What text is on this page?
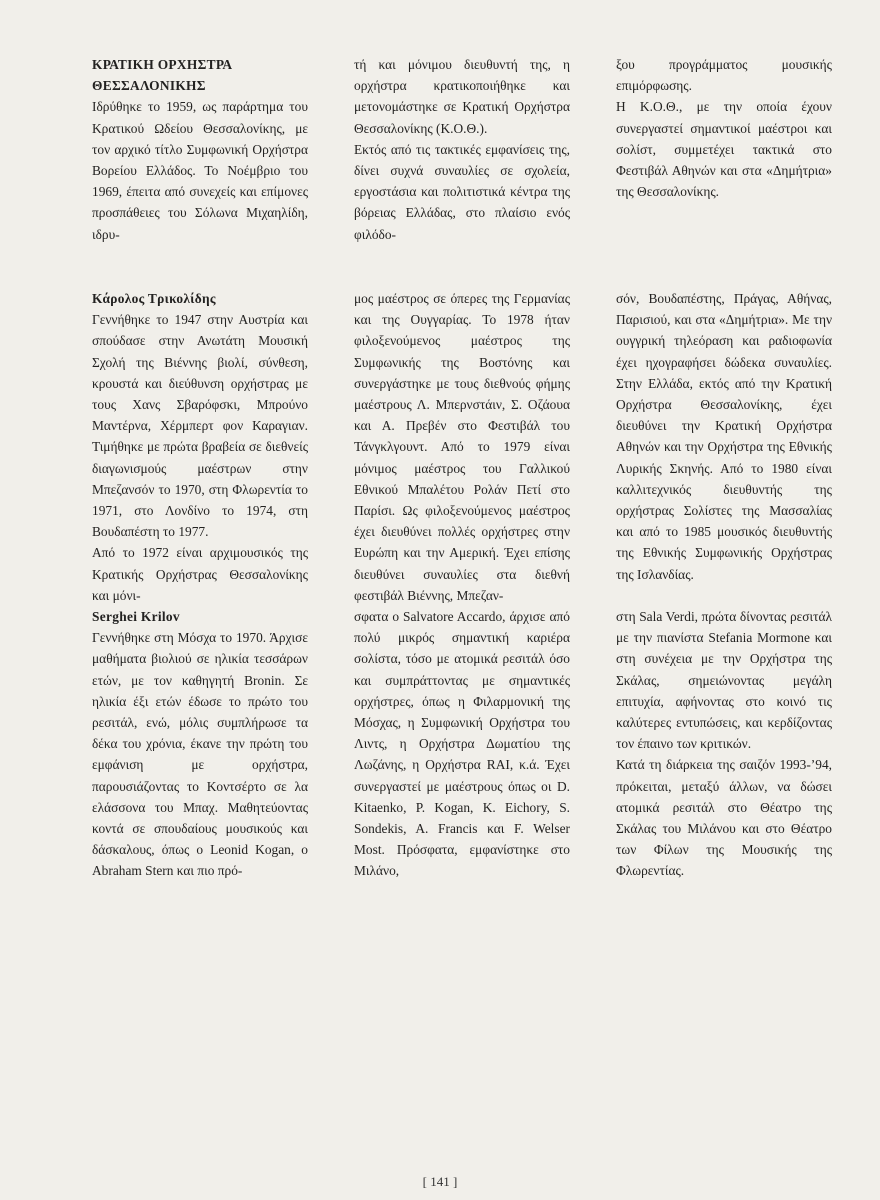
ΚΡΑΤΙΚΗ ΟΡΧΗΣΤΡΑ ΘΕΣΣΑΛΟΝΙΚΗΣ

Ιδρύθηκε το 1959, ως παράρτημα του Κρατικού Ωδείου Θεσσαλονίκης, με τον αρχικό τίτλο Συμφωνική Ορχήστρα Βορείου Ελλάδος. Το Νοέμβριο του 1969, έπειτα από συνεχείς και επίμονες προσπάθειες του Σόλωνα Μιχαηλίδη, ιδρυ-

τή και μόνιμου διευθυντή της, η ορχήστρα κρατικοποιήθηκε και μετονομάστηκε σε Κρατική Ορχήστρα Θεσσαλονίκης (Κ.Ο.Θ.).

Εκτός από τις τακτικές εμφανίσεις της, δίνει συχνά συναυλίες σε σχολεία, εργοστάσια και πολιτιστικά κέντρα της βόρειας Ελλάδας, στο πλαίσιο ενός φιλόδο-

ξου προγράμματος μουσικής επιμόρφωσης.

Η Κ.Ο.Θ., με την οποία έχουν συνεργαστεί σημαντικοί μαέστροι και σολίστ, συμμετέχει τακτικά στο Φεστιβάλ Αθηνών και στα «Δημήτρια» της Θεσσαλονίκης.

Κάρολος Τρικολίδης

Γεννήθηκε το 1947 στην Αυστρία και σπούδασε στην Ανωτάτη Μουσική Σχολή της Βιέννης βιολί, σύνθεση, κρουστά και διεύθυνση ορχήστρας με τους Χανς Σβαρόφσκι, Μπρούνο Μαντέρνα, Χέρμπερτ φον Καραγιαν. Τιμήθηκε με πρώτα βραβεία σε διεθνείς διαγωνισμούς μαέστρων στην Μπεζανσόν το 1970, στη Φλωρεντία το 1971, στο Λονδίνο το 1974, στη Βουδαπέστη το 1977.

Από το 1972 είναι αρχιμουσικός της Κρατικής Ορχήστρας Θεσσαλονίκης και μόνι-

μος μαέστρος σε όπερες της Γερμανίας και της Ουγγαρίας. Το 1978 ήταν φιλοξενούμενος μαέστρος της Συμφωνικής της Βοστόνης και συνεργάστηκε με τους διεθνούς φήμης μαέστρους Λ. Μπερνστάιν, Σ. Οζάουα και Α. Πρεβέν στο Φεστιβάλ του Τάνγκλγουντ. Από το 1979 είναι μόνιμος μαέστρος του Γαλλικού Εθνικού Μπαλέτου Ρολάν Πετί στο Παρίσι. Ως φιλοξενούμενος μαέστρος έχει διευθύνει πολλές ορχήστρες στην Ευρώπη και την Αμερική. Έχει επίσης διευθύνει συναυλίες στα διεθνή φεστιβάλ Βιέννης, Μπεζαν-

σόν, Βουδαπέστης, Πράγας, Αθήνας, Παρισιού, και στα «Δημήτρια». Με την ουγγρική τηλεόραση και ραδιοφωνία έχει ηχογραφήσει δώδεκα συναυλίες. Στην Ελλάδα, εκτός από την Κρατική Ορχήστρα Θεσσαλονίκης, έχει διευθύνει την Κρατική Ορχήστρα Αθηνών και την Ορχήστρα της Εθνικής Λυρικής Σκηνής. Από το 1980 είναι καλλιτεχνικός διευθυντής της ορχήστρας Σολίστες της Μασσαλίας και από το 1985 μουσικός διευθυντής της Εθνικής Συμφωνικής Ορχήστρας της Ισλανδίας.

Serghei Krilov

Γεννήθηκε στη Μόσχα το 1970. Άρχισε μαθήματα βιολιού σε ηλικία τεσσάρων ετών, με τον καθηγητή Bronin. Σε ηλικία έξι ετών έδωσε το πρώτο του ρεσιτάλ, ενώ, μόλις συμπλήρωσε τα δέκα του χρόνια, έκανε την πρώτη του εμφάνιση με ορχήστρα, παρουσιάζοντας το Κοντσέρτο σε λα ελάσσονα του Μπαχ. Μαθητεύοντας κοντά σε σπουδαίους μουσικούς και δάσκαλους, όπως ο Leonid Kogan, ο Abraham Stern και πιο πρό-

σφατα ο Salvatore Accardo, άρχισε από πολύ μικρός σημαντική καριέρα σολίστα, τόσο με ατομικά ρεσιτάλ όσο και συμπράττοντας με σημαντικές ορχήστρες, όπως η Φιλαρμονική της Μόσχας, η Συμφωνική Ορχήστρα του Λιντς, η Ορχήστρα Δωματίου της Λωζάνης, η Ορχήστρα RAI, κ.ά. Έχει συνεργαστεί με μαέστρους όπως οι D. Kitaenko, P. Kogan, K. Eichory, S. Sondekis, A. Francis και F. Welser Most. Πρόσφατα, εμφανίστηκε στο Μιλάνο,

στη Sala Verdi, πρώτα δίνοντας ρεσιτάλ με την πιανίστα Stefania Mormone και στη συνέχεια με την Ορχήστρα της Σκάλας, σημειώνοντας μεγάλη επιτυχία, αφήνοντας στο κοινό τις καλύτερες εντυπώσεις, και κερδίζοντας τον έπαινο των κριτικών.

Κατά τη διάρκεια της σαιζόν 1993-’94, πρόκειται, μεταξύ άλλων, να δώσει ατομικά ρεσιτάλ στο Θέατρο της Σκάλας του Μιλάνου και στο Θέατρο των Φίλων της Μουσικής της Φλωρεντίας.

[ 141 ]
